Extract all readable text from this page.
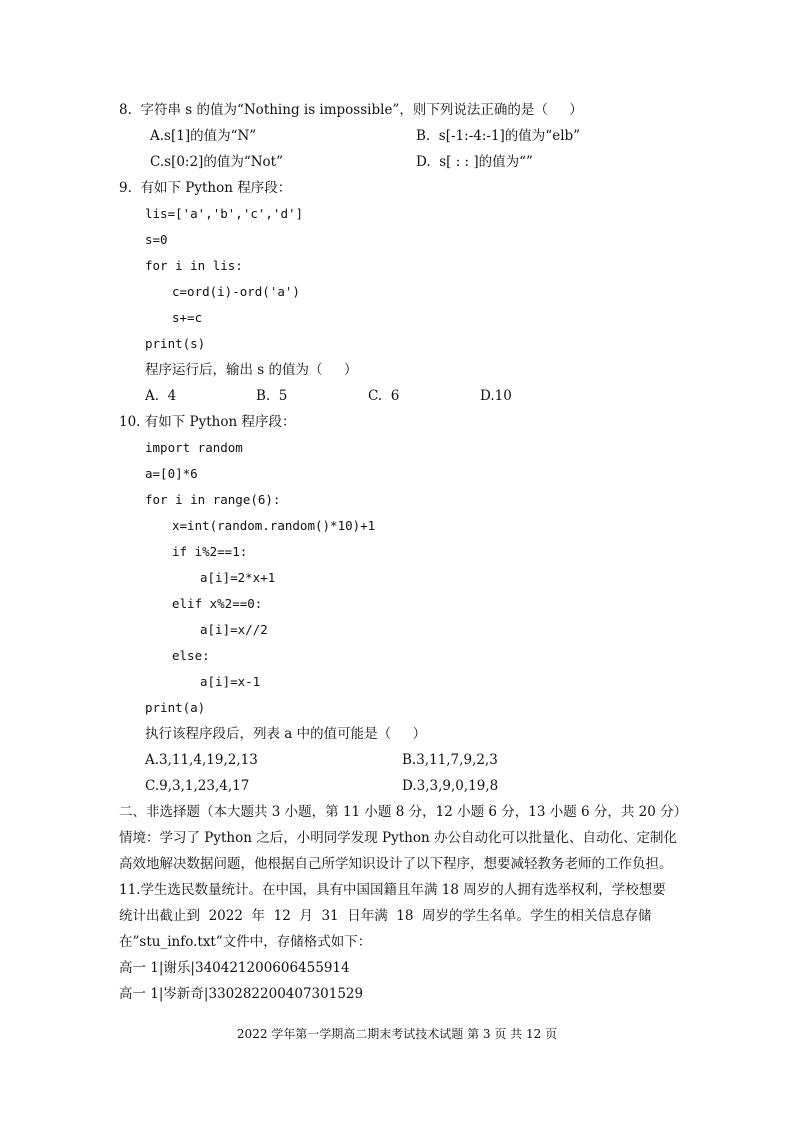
8.  字符串 s 的值为“Nothing is impossible”，则下列说法正确的是（     ）
A.s[1]的值为“N”	B.  s[-1:-4:-1]的值为“elb”
C.s[0:2]的值为“Not”	D.  s[ : : ]的值为“”
9.  有如下 Python 程序段：
lis=['a','b','c','d']
s=0
for i in lis:
c=ord(i)-ord('a')
s+=c
print(s)
程序运行后，输出 s 的值为（     ）
A.  4	B.  5	C.  6	D.10
10. 有如下 Python 程序段：
import random
a=[0]*6
for i in range(6):
x=int(random.random()*10)+1
if i%2==1:
a[i]=2*x+1
elif x%2==0:
a[i]=x//2
else:
a[i]=x-1
print(a)
执行该程序段后，列表 a 中的值可能是（     ）
A.3,11,4,19,2,13	B.3,11,7,9,2,3
C.9,3,1,23,4,17	D.3,3,9,0,19,8
二、非选择题（本大题共 3 小题，第 11 小题 8 分，12 小题 6 分，13 小题 6 分，共 20 分）
情境：学习了 Python 之后，小明同学发现 Python 办公自动化可以批量化、自动化、定制化
高效地解决数据问题，他根据自己所学知识设计了以下程序，想要减轻教务老师的工作负担。
11.学生选民数量统计。在中国，具有中国国籍且年满 18 周岁的人拥有选举权利，学校想要
统计出截止到  2022  年  12  月  31  日年满  18  周岁的学生名单。学生的相关信息存储
在”stu_info.txt”文件中，存储格式如下：
高一 1|谢乐|340421200606455914
高一 1|岑新奇|330282200407301529
2022 学年第一学期高二期末考试技术试题 第 3 页 共 12 页
